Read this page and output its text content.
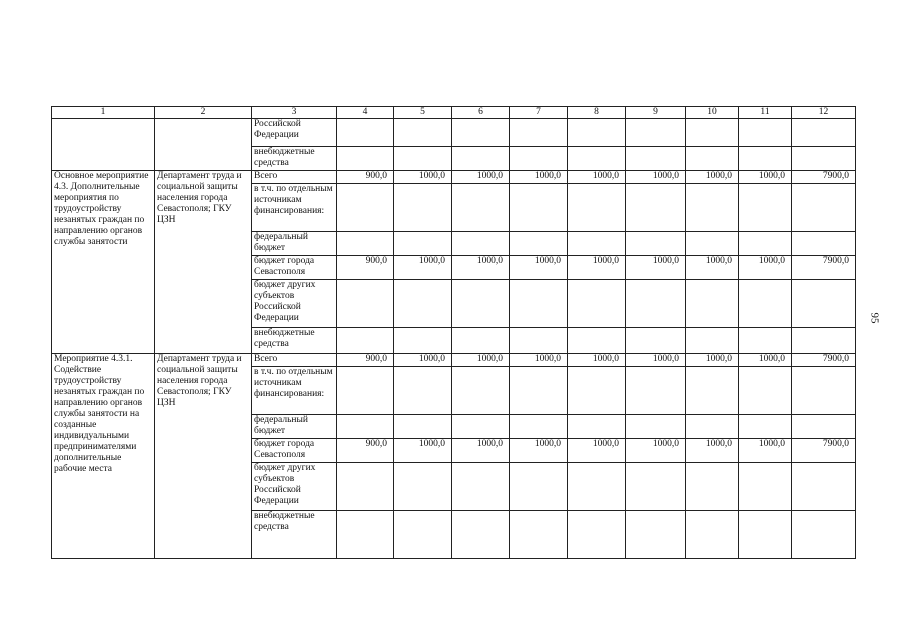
95
1	2	3	4	5	6	7	8	9	10	11	12
		Российской Федерации									
		внебюджетные средства									
Основное мероприятие 4.3. Дополнительные мероприятия по трудоустройству незанятых граждан по направлению органов службы занятости	Департамент труда и социальной защиты населения города Севастополя; ГКУ ЦЗН	Всего	900,0	1000,0	1000,0	1000,0	1000,0	1000,0	1000,0	1000,0	7900,0
		в т.ч. по отдельным источникам финансирования:									
		федеральный бюджет									
		бюджет города Севастополя	900,0	1000,0	1000,0	1000,0	1000,0	1000,0	1000,0	1000,0	7900,0
		бюджет других субъектов Российской Федерации									
		внебюджетные средства									
Мероприятие 4.3.1. Содействие трудоустройству незанятых граждан по направлению органов службы занятости на созданные индивидуальными предпринимателями дополнительные рабочие места	Департамент труда и социальной защиты населения города Севастополя; ГКУ ЦЗН	Всего	900,0	1000,0	1000,0	1000,0	1000,0	1000,0	1000,0	1000,0	7900,0
		в т.ч. по отдельным источникам финансирования:									
		федеральный бюджет									
		бюджет города Севастополя	900,0	1000,0	1000,0	1000,0	1000,0	1000,0	1000,0	1000,0	7900,0
		бюджет других субъектов Российской Федерации									
		внебюджетные средства									
